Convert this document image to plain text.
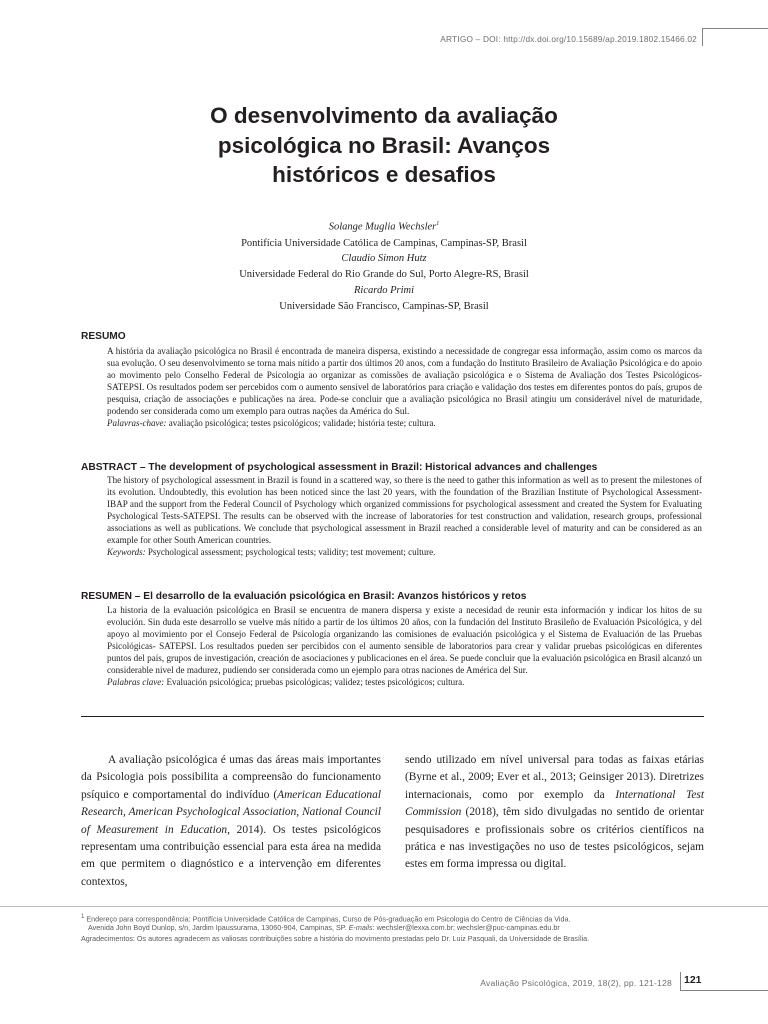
ARTIGO – DOI: http://dx.doi.org/10.15689/ap.2019.1802.15466.02
O desenvolvimento da avaliação
psicológica no Brasil: Avanços
históricos e desafios
Solange Muglia Wechsler$^1$
Pontifícia Universidade Católica de Campinas, Campinas-SP, Brasil
Claudio Simon Hutz
Universidade Federal do Rio Grande do Sul, Porto Alegre-RS, Brasil
Ricardo Primi
Universidade São Francisco, Campinas-SP, Brasil
RESUMO

A história da avaliação psicológica no Brasil é encontrada de maneira dispersa, existindo a necessidade de congregar essa informação, assim como os marcos da sua evolução. O seu desenvolvimento se torna mais nítido a partir dos últimos 20 anos, com a fundação do Instituto Brasileiro de Avaliação Psicológica e do apoio ao movimento pelo Conselho Federal de Psicologia ao organizar as comissões de avaliação psicológica e o Sistema de Avaliação dos Testes Psicológicos-SATEPSI. Os resultados podem ser percebidos com o aumento sensível de laboratórios para criação e validação dos testes em diferentes pontos do país, grupos de pesquisa, criação de associações e publicações na área. Pode-se concluir que a avaliação psicológica no Brasil atingiu um considerável nível de maturidade, podendo ser considerada como um exemplo para outras nações da América do Sul.

Palavras-chave: avaliação psicológica; testes psicológicos; validade; história teste; cultura.

ABSTRACT – The development of psychological assessment in Brazil: Historical advances and challenges

The history of psychological assessment in Brazil is found in a scattered way, so there is the need to gather this information as well as to present the milestones of its evolution. Undoubtedly, this evolution has been noticed since the last 20 years, with the foundation of the Brazilian Institute of Psychological Assessment-IBAP and the support from the Federal Council of Psychology which organized commissions for psychological assessment and created the System for Evaluating Psychological Tests-SATEPSI. The results can be observed with the increase of laboratories for test construction and validation, research groups, professional associations as well as publications. We conclude that psychological assessment in Brazil reached a considerable level of maturity and can be considered as an example for other South American countries.

Keywords: Psychological assessment; psychological tests; validity; test movement; culture.

RESUMEN – El desarrollo de la evaluación psicológica en Brasil: Avanzos históricos y retos

La historia de la evaluación psicológica en Brasil se encuentra de manera dispersa y existe a necesidad de reunir esta información y indicar los hitos de su evolución. Sin duda este desarrollo se vuelve más nítido a partir de los últimos 20 años, con la fundación del Instituto Brasileño de Evaluación Psicológica, y del apoyo al movimiento por el Consejo Federal de Psicología organizando las comisiones de evaluación psicológica y el Sistema de Evaluación de las Pruebas Psicológicas- SATEPSI. Los resultados pueden ser percibidos con el aumento sensible de laboratorios para crear y validar pruebas psicológicas en diferentes puntos del país, grupos de investigación, creación de asociaciones y publicaciones en el área. Se puede concluir que la evaluación psicológica en Brasil alcanzó un considerable nivel de madurez, pudiendo ser considerada como un ejemplo para otras naciones de América del Sur.

Palabras clave: Evaluación psicológica; pruebas psicológicas; validez; testes psicológicos; cultura.

A avaliação psicológica é umas das áreas mais importantes da Psicologia pois possibilita a compreensão do funcionamento psíquico e comportamental do indivíduo (American Educational Research, American Psychological Association, National Council of Measurement in Education, 2014). Os testes psicológicos representam uma contribuição essencial para esta área na medida em que permitem o diagnóstico e a intervenção em diferentes contextos,

sendo utilizado em nível universal para todas as faixas etárias (Byrne et al., 2009; Ever et al., 2013; Geinsiger 2013). Diretrizes internacionais, como por exemplo da International Test Commission (2018), têm sido divulgadas no sentido de orientar pesquisadores e profissionais sobre os critérios científicos na prática e nas investigações no uso de testes psicológicos, sejam estes em forma impressa ou digital.

$^1$ Endereço para correspondência: Pontifícia Universidade Católica de Campinas, Curso de Pós-graduação em Psicologia do Centro de Ciências da Vida.
Avenida John Boyd Dunlop, s/n, Jardim Ipaussurama, 13060-904, Campinas, SP. E-mails: wechsler@lexxa.com.br; wechsler@puc-campinas.edu.br
Agradecimentos: Os autores agradecem as valiosas contribuições sobre a história do movimento prestadas pelo Dr. Luiz Pasquali, da Universidade de Brasília.
Avaliação Psicológica, 2019, 18(2), pp. 121-128 121
